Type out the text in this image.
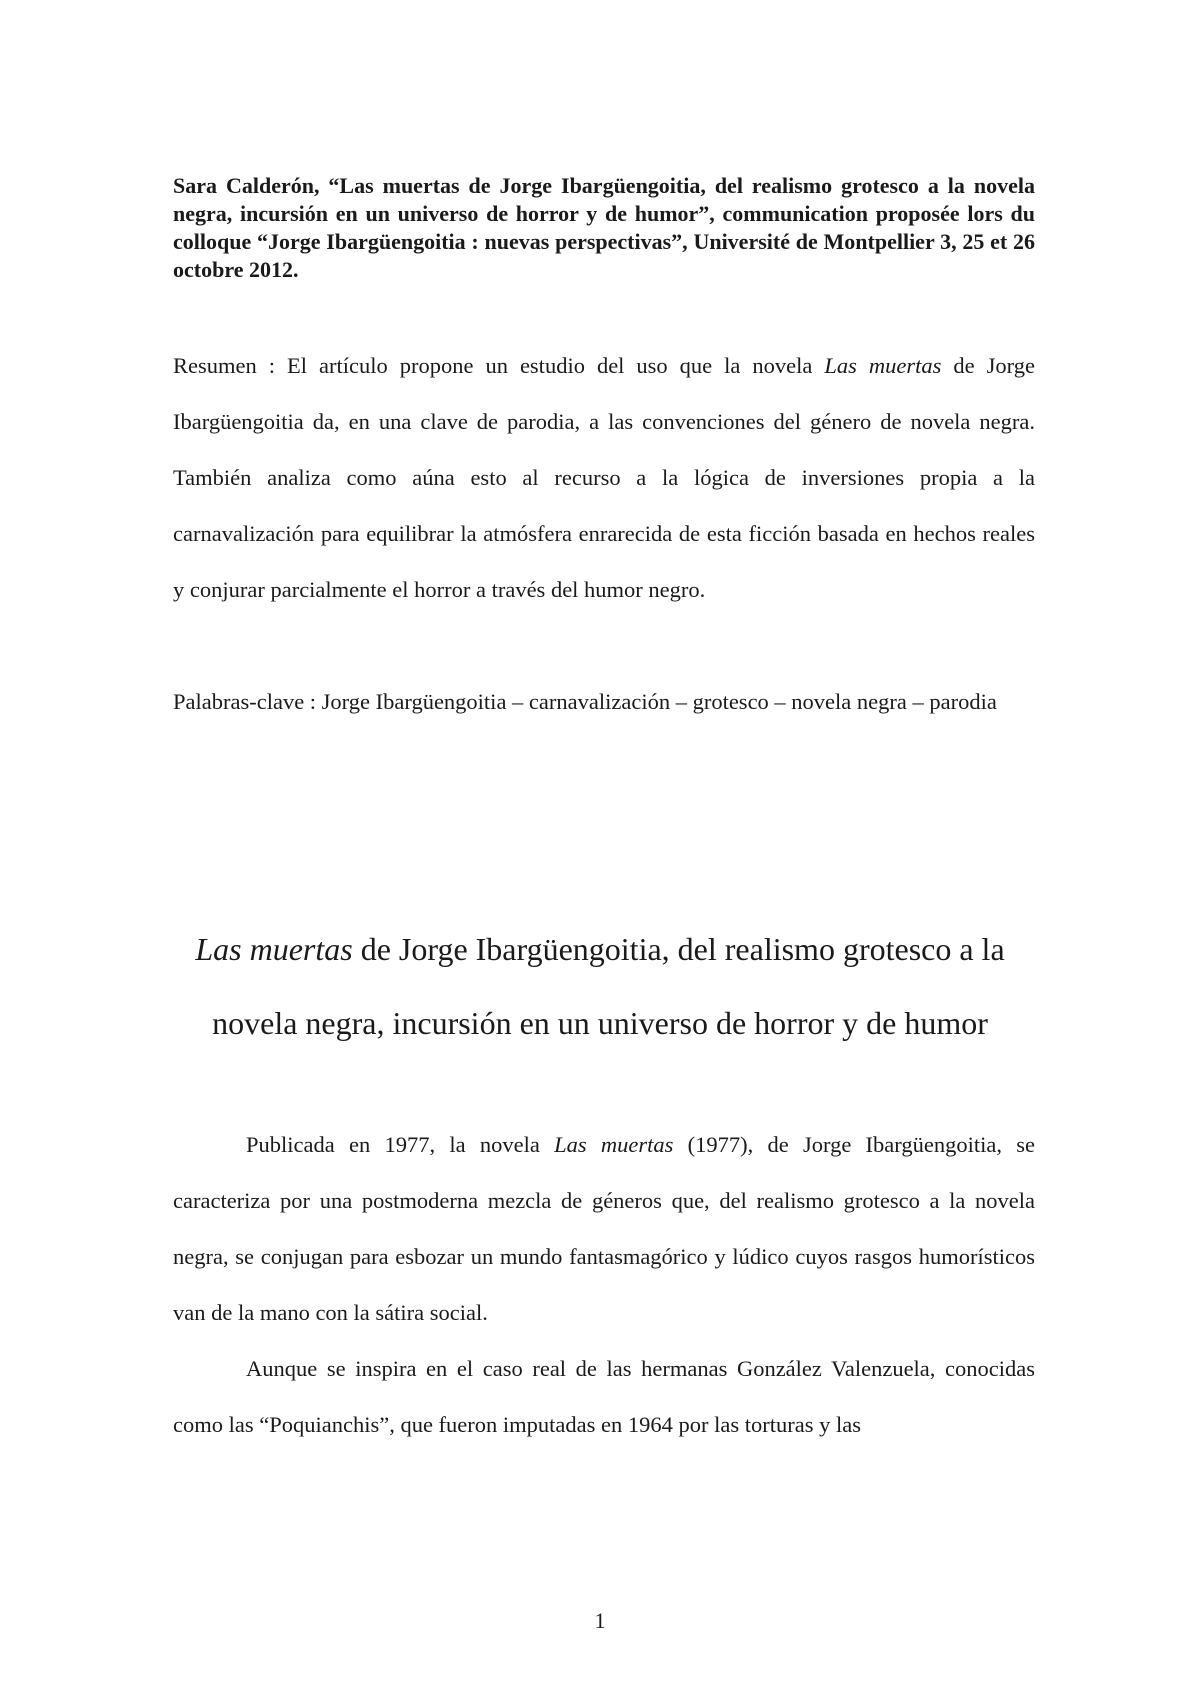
Sara Calderón, “Las muertas de Jorge Ibargüengoitia, del realismo grotesco a la novela negra, incursión en un universo de horror y de humor”, communication proposée lors du colloque “Jorge Ibargüengoitia : nuevas perspectivas”, Université de Montpellier 3, 25 et 26 octobre 2012.
Resumen : El artículo propone un estudio del uso que la novela Las muertas de Jorge Ibargüengoitia da, en una clave de parodia, a las convenciones del género de novela negra. También analiza como aúna esto al recurso a la lógica de inversiones propia a la carnavalización para equilibrar la atmósfera enrarecida de esta ficción basada en hechos reales y conjurar parcialmente el horror a través del humor negro.
Palabras-clave : Jorge Ibargüengoitia – carnavalización – grotesco – novela negra – parodia
Las muertas de Jorge Ibargüengoitia, del realismo grotesco a la
novela negra, incursión en un universo de horror y de humor

Publicada en 1977, la novela Las muertas (1977), de Jorge Ibargüengoitia, se caracteriza por una postmoderna mezcla de géneros que, del realismo grotesco a la novela negra, se conjugan para esbozar un mundo fantasmagórico y lúdico cuyos rasgos humorísticos van de la mano con la sátira social.

Aunque se inspira en el caso real de las hermanas González Valenzuela, conocidas como las “Poquianchis”, que fueron imputadas en 1964 por las torturas y las

1
